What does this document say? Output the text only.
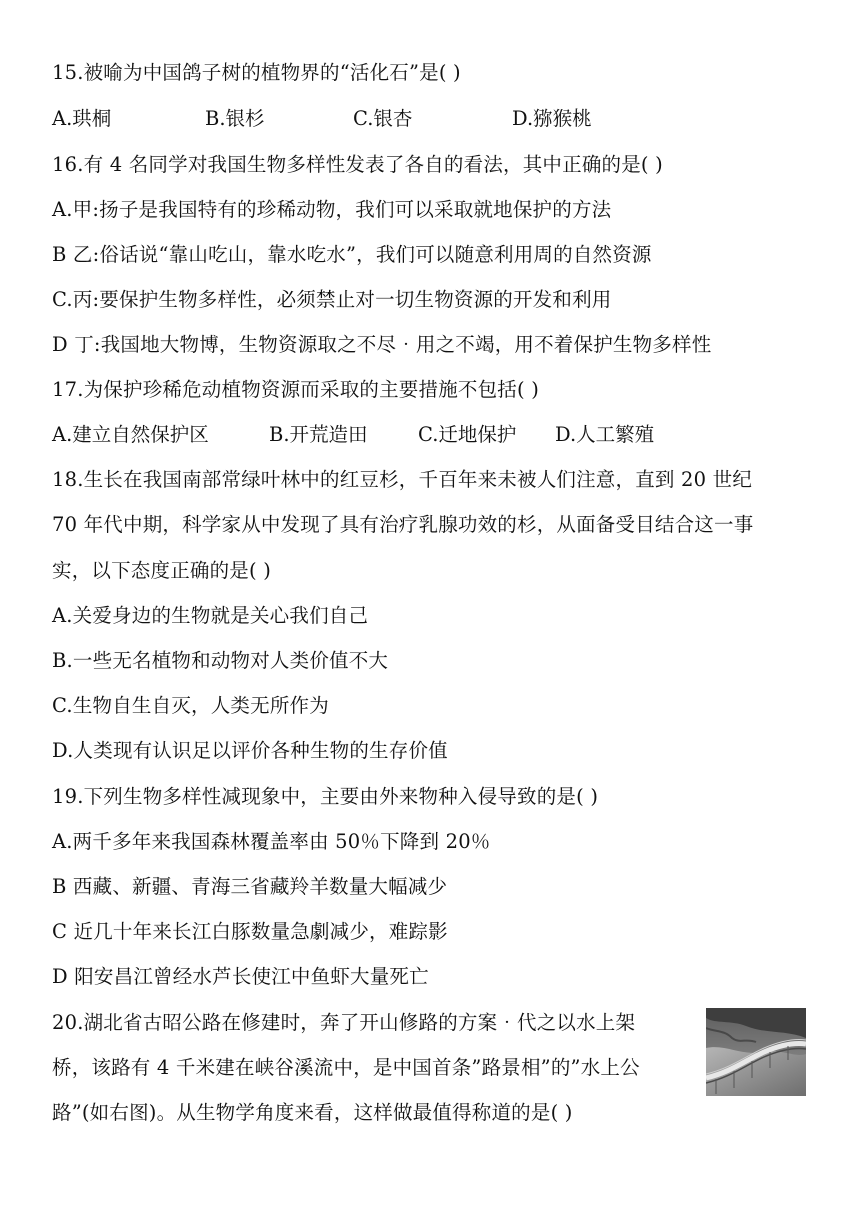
15.被喻为中国鸽子树的植物界的“活化石”是( )
A.珙桐	B.银杉	C.银杏	D.猕猴桃
16.有 4 名同学对我国生物多样性发表了各自的看法，其中正确的是( )
A.甲:扬子是我国特有的珍稀动物，我们可以采取就地保护的方法
B 乙:俗话说“靠山吃山，靠水吃水”，我们可以随意利用周的自然资源
C.丙:要保护生物多样性，必须禁止对一切生物资源的开发和利用
D 丁:我国地大物博，生物资源取之不尽‧用之不竭，用不着保护生物多样性
17.为保护珍稀危动植物资源而采取的主要措施不包括( )
A.建立自然保护区	B.开荒造田	C.迁地保护 D.人工繁殖
18.生长在我国南部常绿叶林中的红豆杉，千百年来未被人们注意，直到 20 世纪
70 年代中期，科学家从中发现了具有治疗乳腺功效的杉，从面备受目结合这一事
实，以下态度正确的是( )
A.关爱身边的生物就是关心我们自己
B.一些无名植物和动物对人类价值不大
C.生物自生自灭，人类无所作为
D.人类现有认识足以评价各种生物的生存价值
19.下列生物多样性减现象中，主要由外来物种入侵导致的是( )
A.两千多年来我国森林覆盖率由 50％下降到 20％
B 西藏、新疆、青海三省藏羚羊数量大幅减少
C 近几十年来长江白豚数量急劇减少，难踪影
D 阳安昌江曾经水芦长使江中鱼虾大量死亡
20.湖北省古昭公路在修建时，奔了开山修路的方案‧代之以水上架
桥，该路有 4 千米建在峡谷溪流中，是中国首条”路景相”的”水上公
路”(如右图)。从生物学角度来看，这样做最值得称道的是( )
